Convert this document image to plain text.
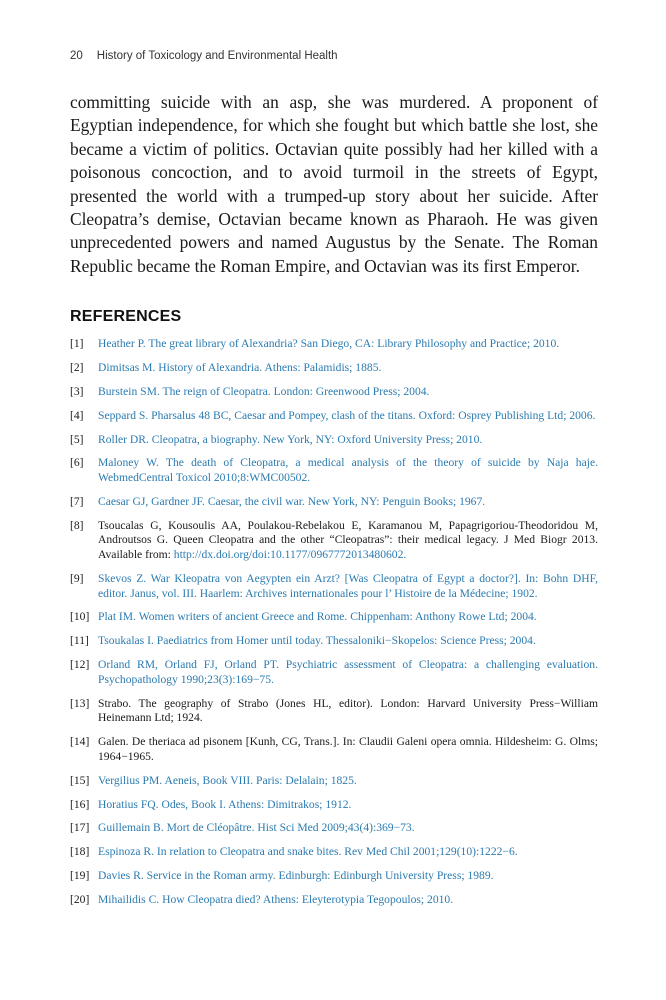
20 History of Toxicology and Environmental Health

committing suicide with an asp, she was murdered. A proponent of Egyptian independence, for which she fought but which battle she lost, she became a victim of politics. Octavian quite possibly had her killed with a poisonous concoction, and to avoid turmoil in the streets of Egypt, presented the world with a trumped-up story about her suicide. After Cleopatra’s demise, Octavian became known as Pharaoh. He was given unprecedented powers and named Augustus by the Senate. The Roman Republic became the Roman Empire, and Octavian was its first Emperor.

REFERENCES
[1] Heather P. The great library of Alexandria? San Diego, CA: Library Philosophy and Practice; 2010.
[2] Dimitsas M. History of Alexandria. Athens: Palamidis; 1885.
[3] Burstein SM. The reign of Cleopatra. London: Greenwood Press; 2004.
[4] Seppard S. Pharsalus 48 BC, Caesar and Pompey, clash of the titans. Oxford: Osprey Publishing Ltd; 2006.
[5] Roller DR. Cleopatra, a biography. New York, NY: Oxford University Press; 2010.
[6] Maloney W. The death of Cleopatra, a medical analysis of the theory of suicide by Naja haje. WebmedCentral Toxicol 2010;8:WMC00502.
[7] Caesar GJ, Gardner JF. Caesar, the civil war. New York, NY: Penguin Books; 1967.
[8] Tsoucalas G, Kousoulis AA, Poulakou-Rebelakou E, Karamanou M, Papagrigoriou-Theodoridou M, Androutsos G. Queen Cleopatra and the other “Cleopatras”: their medical legacy. J Med Biogr 2013. Available from: http://dx.doi.org/doi:10.1177/0967772013480602.
[9] Skevos Z. War Kleopatra von Aegypten ein Arzt? [Was Cleopatra of Egypt a doctor?]. In: Bohn DHF, editor. Janus, vol. III. Haarlem: Archives internationales pour l’ Histoire de la Médecine; 1902.
[10] Plat IM. Women writers of ancient Greece and Rome. Chippenham: Anthony Rowe Ltd; 2004.
[11] Tsoukalas I. Paediatrics from Homer until today. Thessaloniki−Skopelos: Science Press; 2004.
[12] Orland RM, Orland FJ, Orland PT. Psychiatric assessment of Cleopatra: a challenging evaluation. Psychopathology 1990;23(3):169−75.
[13] Strabo. The geography of Strabo (Jones HL, editor). London: Harvard University Press−William Heinemann Ltd; 1924.
[14] Galen. De theriaca ad pisonem [Kunh, CG, Trans.]. In: Claudii Galeni opera omnia. Hildesheim: G. Olms; 1964−1965.
[15] Vergilius PM. Aeneis, Book VIII. Paris: Delalain; 1825.
[16] Horatius FQ. Odes, Book I. Athens: Dimitrakos; 1912.
[17] Guillemain B. Mort de Cléopâtre. Hist Sci Med 2009;43(4):369−73.
[18] Espinoza R. In relation to Cleopatra and snake bites. Rev Med Chil 2001;129(10):1222−6.
[19] Davies R. Service in the Roman army. Edinburgh: Edinburgh University Press; 1989.
[20] Mihailidis C. How Cleopatra died? Athens: Eleyterotypia Tegopoulos; 2010.
